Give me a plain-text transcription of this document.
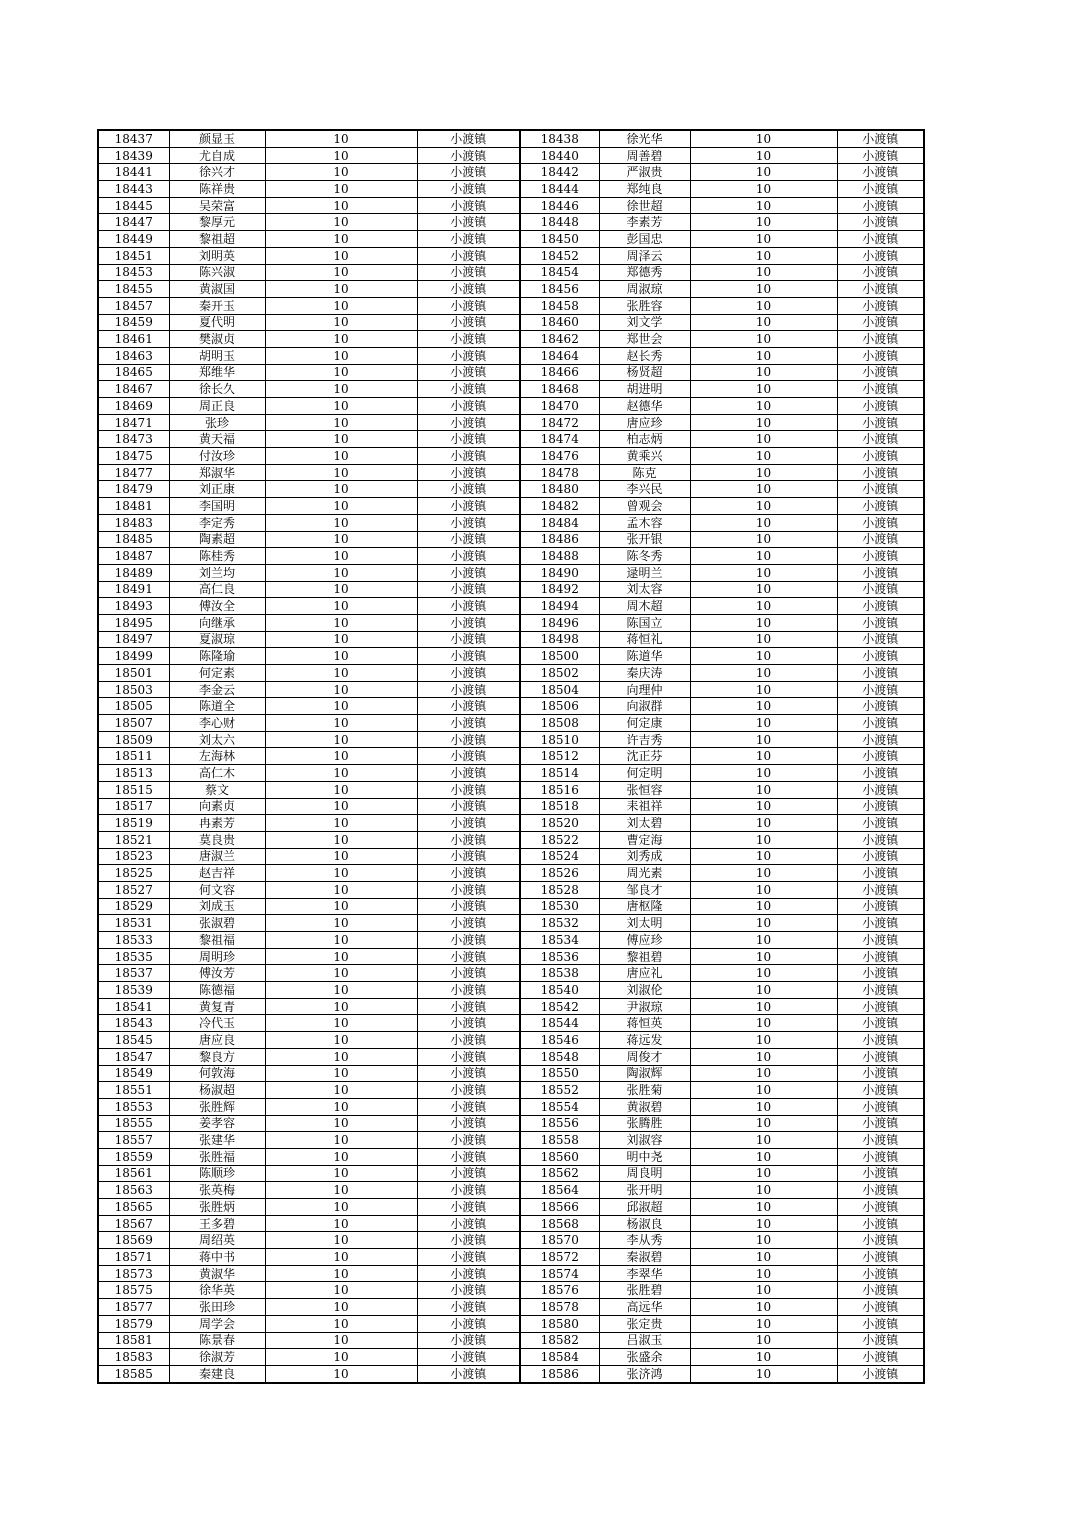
18437	颜显玉	10	小渡镇	18438	徐光华	10	小渡镇
18439	尤自成	10	小渡镇	18440	周善碧	10	小渡镇
18441	徐兴才	10	小渡镇	18442	严淑贵	10	小渡镇
18443	陈祥贵	10	小渡镇	18444	郑纯良	10	小渡镇
18445	吴荣富	10	小渡镇	18446	徐世超	10	小渡镇
18447	黎厚元	10	小渡镇	18448	李素芳	10	小渡镇
18449	黎祖超	10	小渡镇	18450	彭国忠	10	小渡镇
18451	刘明英	10	小渡镇	18452	周泽云	10	小渡镇
18453	陈兴淑	10	小渡镇	18454	郑德秀	10	小渡镇
18455	黄淑国	10	小渡镇	18456	周淑琼	10	小渡镇
18457	秦开玉	10	小渡镇	18458	张胜容	10	小渡镇
18459	夏代明	10	小渡镇	18460	刘文学	10	小渡镇
18461	樊淑贞	10	小渡镇	18462	郑世会	10	小渡镇
18463	胡明玉	10	小渡镇	18464	赵长秀	10	小渡镇
18465	郑维华	10	小渡镇	18466	杨贤超	10	小渡镇
18467	徐长久	10	小渡镇	18468	胡进明	10	小渡镇
18469	周正良	10	小渡镇	18470	赵德华	10	小渡镇
18471	张珍	10	小渡镇	18472	唐应珍	10	小渡镇
18473	黄天福	10	小渡镇	18474	柏志炳	10	小渡镇
18475	付汝珍	10	小渡镇	18476	黄乘兴	10	小渡镇
18477	郑淑华	10	小渡镇	18478	陈克	10	小渡镇
18479	刘正康	10	小渡镇	18480	李兴民	10	小渡镇
18481	李国明	10	小渡镇	18482	曾观会	10	小渡镇
18483	李定秀	10	小渡镇	18484	孟木容	10	小渡镇
18485	陶素超	10	小渡镇	18486	张开银	10	小渡镇
18487	陈桂秀	10	小渡镇	18488	陈冬秀	10	小渡镇
18489	刘兰均	10	小渡镇	18490	逯明兰	10	小渡镇
18491	高仁良	10	小渡镇	18492	刘太容	10	小渡镇
18493	傅汝全	10	小渡镇	18494	周木超	10	小渡镇
18495	向继承	10	小渡镇	18496	陈国立	10	小渡镇
18497	夏淑琼	10	小渡镇	18498	蒋恒礼	10	小渡镇
18499	陈隆瑜	10	小渡镇	18500	陈道华	10	小渡镇
18501	何定素	10	小渡镇	18502	秦庆涛	10	小渡镇
18503	李金云	10	小渡镇	18504	向理仲	10	小渡镇
18505	陈道全	10	小渡镇	18506	向淑群	10	小渡镇
18507	李心财	10	小渡镇	18508	何定康	10	小渡镇
18509	刘太六	10	小渡镇	18510	许吉秀	10	小渡镇
18511	左海林	10	小渡镇	18512	沈正芬	10	小渡镇
18513	高仁木	10	小渡镇	18514	何定明	10	小渡镇
18515	蔡文	10	小渡镇	18516	张恒容	10	小渡镇
18517	向素贞	10	小渡镇	18518	耒祖祥	10	小渡镇
18519	冉素芳	10	小渡镇	18520	刘太碧	10	小渡镇
18521	莫良贵	10	小渡镇	18522	曹定海	10	小渡镇
18523	唐淑兰	10	小渡镇	18524	刘秀成	10	小渡镇
18525	赵吉祥	10	小渡镇	18526	周光素	10	小渡镇
18527	何文容	10	小渡镇	18528	邹良才	10	小渡镇
18529	刘成玉	10	小渡镇	18530	唐枢隆	10	小渡镇
18531	张淑碧	10	小渡镇	18532	刘太明	10	小渡镇
18533	黎祖福	10	小渡镇	18534	傅应珍	10	小渡镇
18535	周明珍	10	小渡镇	18536	黎祖碧	10	小渡镇
18537	傅汝芳	10	小渡镇	18538	唐应礼	10	小渡镇
18539	陈德福	10	小渡镇	18540	刘淑伦	10	小渡镇
18541	黄复青	10	小渡镇	18542	尹淑琼	10	小渡镇
18543	冷代玉	10	小渡镇	18544	蒋恒英	10	小渡镇
18545	唐应良	10	小渡镇	18546	蒋远发	10	小渡镇
18547	黎良方	10	小渡镇	18548	周俊才	10	小渡镇
18549	何敦海	10	小渡镇	18550	陶淑辉	10	小渡镇
18551	杨淑超	10	小渡镇	18552	张胜菊	10	小渡镇
18553	张胜辉	10	小渡镇	18554	黄淑碧	10	小渡镇
18555	姜孝容	10	小渡镇	18556	张腾胜	10	小渡镇
18557	张建华	10	小渡镇	18558	刘淑容	10	小渡镇
18559	张胜福	10	小渡镇	18560	明中尧	10	小渡镇
18561	陈顺珍	10	小渡镇	18562	周良明	10	小渡镇
18563	张英梅	10	小渡镇	18564	张开明	10	小渡镇
18565	张胜炳	10	小渡镇	18566	邱淑超	10	小渡镇
18567	王多碧	10	小渡镇	18568	杨淑良	10	小渡镇
18569	周绍英	10	小渡镇	18570	李从秀	10	小渡镇
18571	蒋中书	10	小渡镇	18572	秦淑碧	10	小渡镇
18573	黄淑华	10	小渡镇	18574	李翠华	10	小渡镇
18575	徐华英	10	小渡镇	18576	张胜碧	10	小渡镇
18577	张田珍	10	小渡镇	18578	高远华	10	小渡镇
18579	周学会	10	小渡镇	18580	张定贵	10	小渡镇
18581	陈景春	10	小渡镇	18582	吕淑玉	10	小渡镇
18583	徐淑芳	10	小渡镇	18584	张盛余	10	小渡镇
18585	秦建良	10	小渡镇	18586	张济鸿	10	小渡镇
